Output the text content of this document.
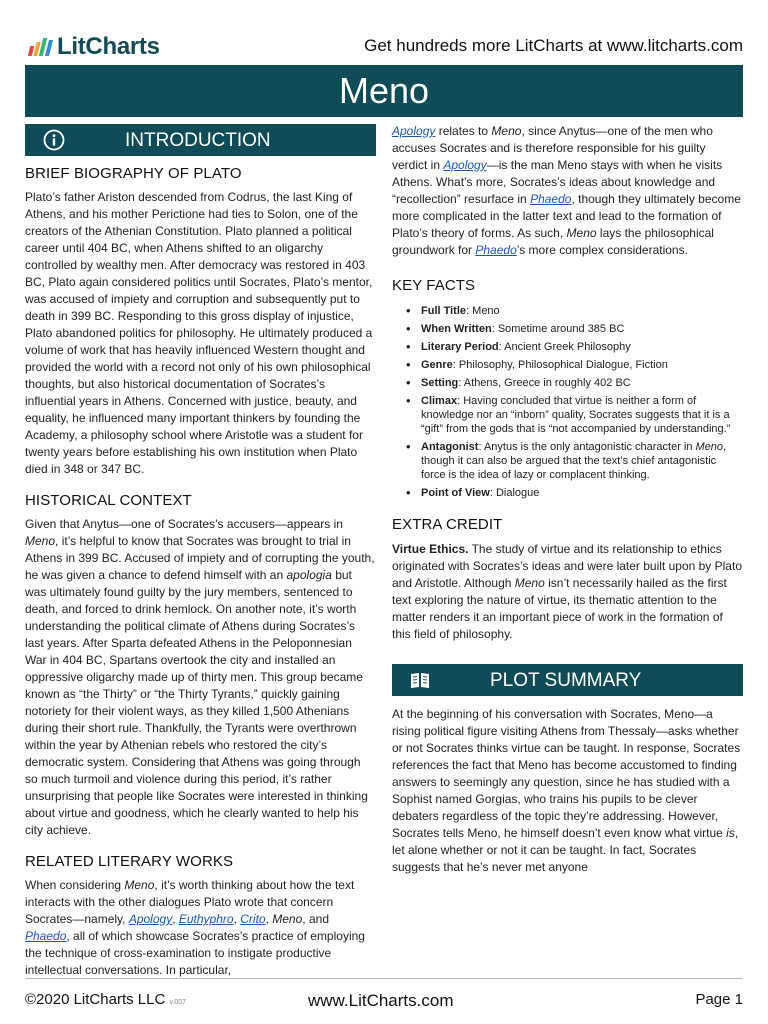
LitCharts	Get hundreds more LitCharts at www.litcharts.com
Meno
INTRODUCTION
BRIEF BIOGRAPHY OF PLATO

Plato’s father Ariston descended from Codrus, the last King of Athens, and his mother Perictione had ties to Solon, one of the creators of the Athenian Constitution. Plato planned a political career until 404 BC, when Athens shifted to an oligarchy controlled by wealthy men. After democracy was restored in 403 BC, Plato again considered politics until Socrates, Plato’s mentor, was accused of impiety and corruption and subsequently put to death in 399 BC. Responding to this gross display of injustice, Plato abandoned politics for philosophy. He ultimately produced a volume of work that has heavily influenced Western thought and provided the world with a record not only of his own philosophical thoughts, but also historical documentation of Socrates’s influential years in Athens. Concerned with justice, beauty, and equality, he influenced many important thinkers by founding the Academy, a philosophy school where Aristotle was a student for twenty years before establishing his own institution when Plato died in 348 or 347 BC.

HISTORICAL CONTEXT

Given that Anytus—one of Socrates’s accusers—appears in Meno, it’s helpful to know that Socrates was brought to trial in Athens in 399 BC. Accused of impiety and of corrupting the youth, he was given a chance to defend himself with an apologia but was ultimately found guilty by the jury members, sentenced to death, and forced to drink hemlock. On another note, it’s worth understanding the political climate of Athens during Socrates’s last years. After Sparta defeated Athens in the Peloponnesian War in 404 BC, Spartans overtook the city and installed an oppressive oligarchy made up of thirty men. This group became known as “the Thirty” or “the Thirty Tyrants,” quickly gaining notoriety for their violent ways, as they killed 1,500 Athenians during their short rule. Thankfully, the Tyrants were overthrown within the year by Athenian rebels who restored the city’s democratic system. Considering that Athens was going through so much turmoil and violence during this period, it’s rather unsurprising that people like Socrates were interested in thinking about virtue and goodness, which he clearly wanted to help his city achieve.

RELATED LITERARY WORKS

When considering Meno, it’s worth thinking about how the text interacts with the other dialogues Plato wrote that concern Socrates—namely, Apology, Euthyphro, Crito, Meno, and Phaedo, all of which showcase Socrates’s practice of employing the technique of cross-examination to instigate productive intellectual conversations. In particular,

Apology relates to Meno, since Anytus—one of the men who accuses Socrates and is therefore responsible for his guilty verdict in Apology—is the man Meno stays with when he visits Athens. What’s more, Socrates’s ideas about knowledge and “recollection” resurface in Phaedo, though they ultimately become more complicated in the latter text and lead to the formation of Plato’s theory of forms. As such, Meno lays the philosophical groundwork for Phaedo’s more complex considerations.

KEY FACTS
• Full Title: Meno
• When Written: Sometime around 385 BC
• Literary Period: Ancient Greek Philosophy
• Genre: Philosophy, Philosophical Dialogue, Fiction
• Setting: Athens, Greece in roughly 402 BC
• Climax: Having concluded that virtue is neither a form of knowledge nor an “inborn” quality, Socrates suggests that it is a “gift” from the gods that is “not accompanied by understanding.”
• Antagonist: Anytus is the only antagonistic character in Meno, though it can also be argued that the text’s chief antagonistic force is the idea of lazy or complacent thinking.
• Point of View: Dialogue
EXTRA CREDIT

Virtue Ethics. The study of virtue and its relationship to ethics originated with Socrates’s ideas and were later built upon by Plato and Aristotle. Although Meno isn’t necessarily hailed as the first text exploring the nature of virtue, its thematic attention to the matter renders it an important piece of work in the formation of this field of philosophy.

PLOT SUMMARY

At the beginning of his conversation with Socrates, Meno—a rising political figure visiting Athens from Thessaly—asks whether or not Socrates thinks virtue can be taught. In response, Socrates references the fact that Meno has become accustomed to finding answers to seemingly any question, since he has studied with a Sophist named Gorgias, who trains his pupils to be clever debaters regardless of the topic they’re addressing. However, Socrates tells Meno, he himself doesn’t even know what virtue is, let alone whether or not it can be taught. In fact, Socrates suggests that he’s never met anyone

©2020 LitCharts LLC v.007	www.LitCharts.com	Page 1
